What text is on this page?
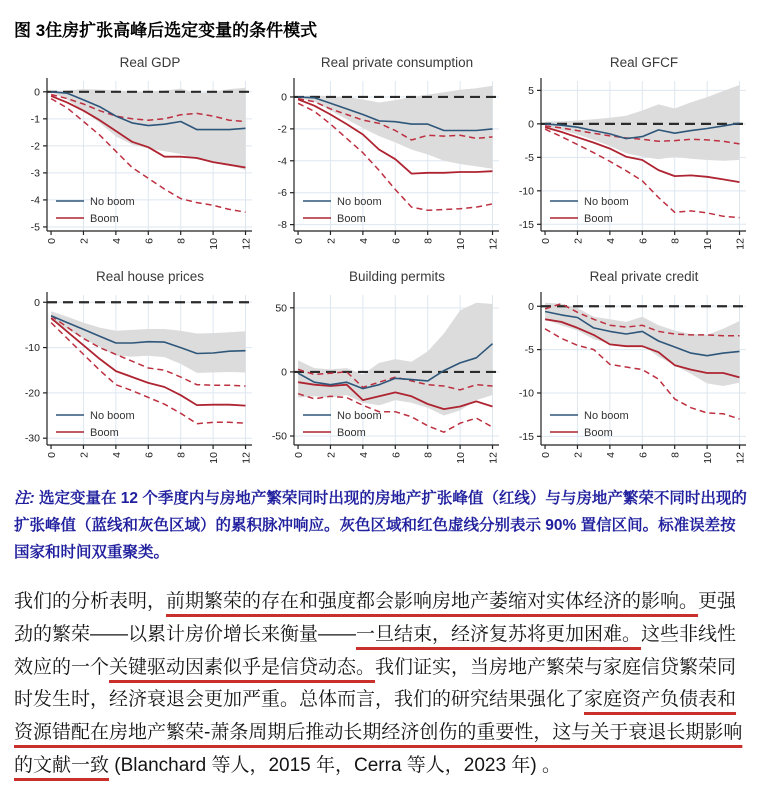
图 3住房扩张高峰后选定变量的条件模式
Real GDP
0
-1
-2
-3
-4
-5
0 2 4 6 8 10 12
No boom
Boom
Real private consumption
0
-2
-4
-6
-8
0 2 4 6 8 10 12
No boom
Boom
Real GFCF
5
0
-5
-10
-15
0 2 4 6 8 10 12
No boom
Boom
Real house prices
0
-10
-20
-30
0 2 4 6 8 10 12
No boom
Boom
Building permits
50
0
-50
0 2 4 6 8 10 12
No boom
Boom
Real private credit
0
-5
-10
-15
0 2 4 6 8 10 12
No boom
Boom
注: 选定变量在 12 个季度内与房地产繁荣同时出现的房地产扩张峰值（红线）与与房地产繁荣不同时出现的扩张峰值（蓝线和灰色区域）的累积脉冲响应。灰色区域和红色虚线分别表示 90% 置信区间。标准误差按国家和时间双重聚类。

我们的分析表明，前期繁荣的存在和强度都会影响房地产萎缩对实体经济的影响。更强劲的繁荣——以累计房价增长来衡量——一旦结束，经济复苏将更加困难。这些非线性效应的一个关键驱动因素似乎是信贷动态。我们证实，当房地产繁荣与家庭信贷繁荣同时发生时，经济衰退会更加严重。总体而言，我们的研究结果强化了家庭资产负债表和资源错配在房地产繁荣-萧条周期后推动长期经济创伤的重要性，这与关于衰退长期影响的文献一致 (Blanchard 等人，2015 年，Cerra 等人，2023 年) 。
